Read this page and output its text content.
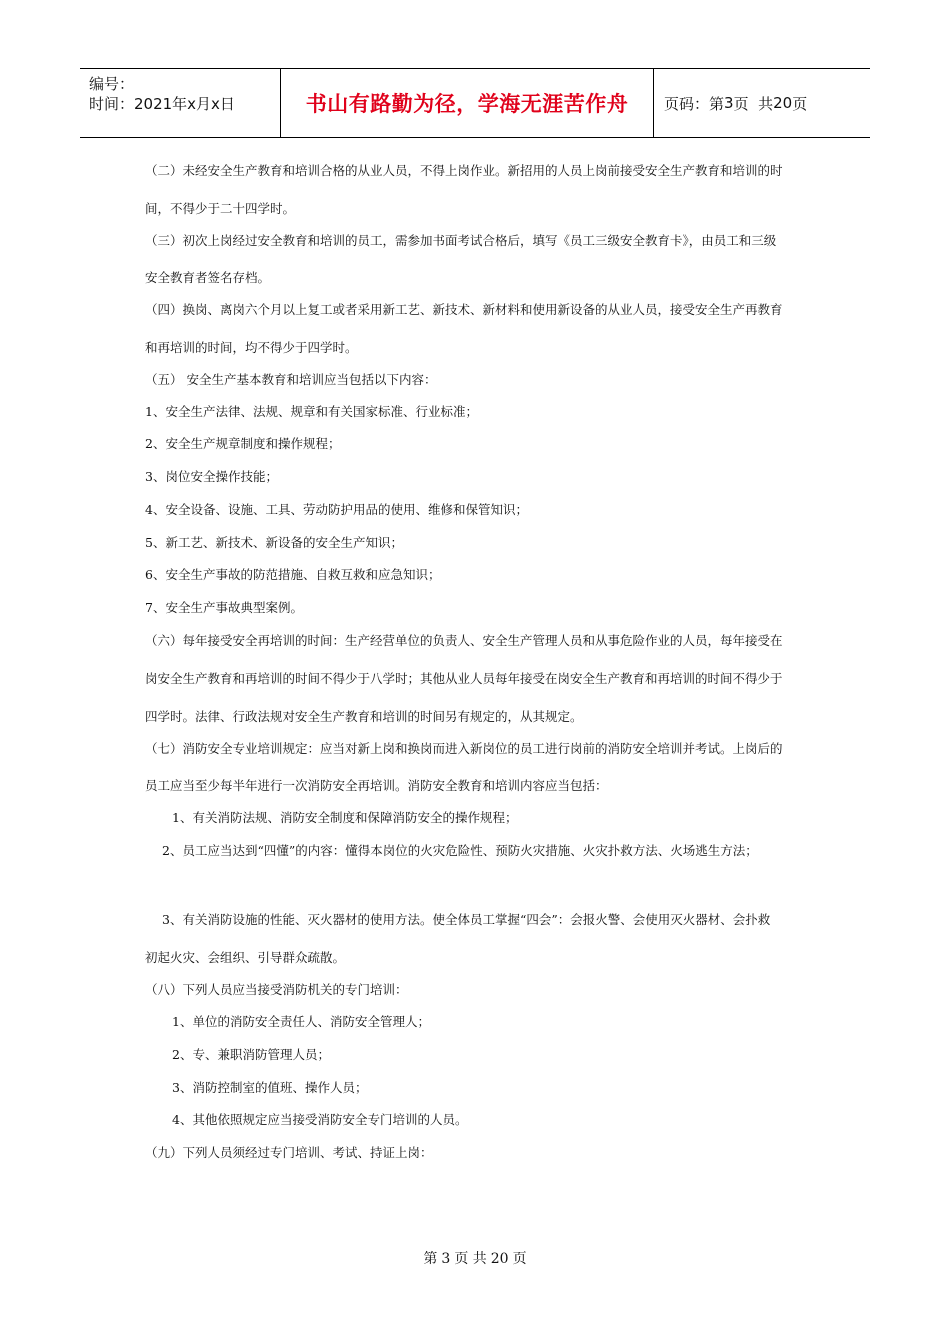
编号：
时间：2021年x月x日	书山有路勤为径，学海无涯苦作舟	页码：第 3 页  共 20 页
（二）未经安全生产教育和培训合格的从业人员，不得上岗作业。新招用的人员上岗前接受安全生产教育和培训的时
间，不得少于二十四学时。
（三）初次上岗经过安全教育和培训的员工，需参加书面考试合格后，填写《员工三级安全教育卡》，由员工和三级
安全教育者签名存档。
（四）换岗、离岗六个月以上复工或者采用新工艺、新技术、新材料和使用新设备的从业人员，接受安全生产再教育
和再培训的时间，均不得少于四学时。
（五） 安全生产基本教育和培训应当包括以下内容：
1、安全生产法律、法规、规章和有关国家标准、行业标准；
2、安全生产规章制度和操作规程；
3、岗位安全操作技能；
4、安全设备、设施、工具、劳动防护用品的使用、维修和保管知识；
5、新工艺、新技术、新设备的安全生产知识；
6、安全生产事故的防范措施、自救互救和应急知识；
7、安全生产事故典型案例。
（六）每年接受安全再培训的时间：生产经营单位的负责人、安全生产管理人员和从事危险作业的人员，每年接受在
岗安全生产教育和再培训的时间不得少于八学时；其他从业人员每年接受在岗安全生产教育和再培训的时间不得少于
四学时。法律、行政法规对安全生产教育和培训的时间另有规定的，从其规定。
（七）消防安全专业培训规定：应当对新上岗和换岗而进入新岗位的员工进行岗前的消防安全培训并考试。上岗后的
员工应当至少每半年进行一次消防安全再培训。消防安全教育和培训内容应当包括：
1、有关消防法规、消防安全制度和保障消防安全的操作规程；
2、员工应当达到“四懂”的内容：懂得本岗位的火灾危险性、预防火灾措施、火灾扑救方法、火场逃生方法；
3、有关消防设施的性能、灭火器材的使用方法。使全体员工掌握“四会”：会报火警、会使用灭火器材、会扑救
初起火灾、会组织、引导群众疏散。
（八）下列人员应当接受消防机关的专门培训：
1、单位的消防安全责任人、消防安全管理人；
2、专、兼职消防管理人员；
3、消防控制室的值班、操作人员；
4、其他依照规定应当接受消防安全专门培训的人员。
（九）下列人员须经过专门培训、考试、持证上岗：
第 3 页 共 20 页
